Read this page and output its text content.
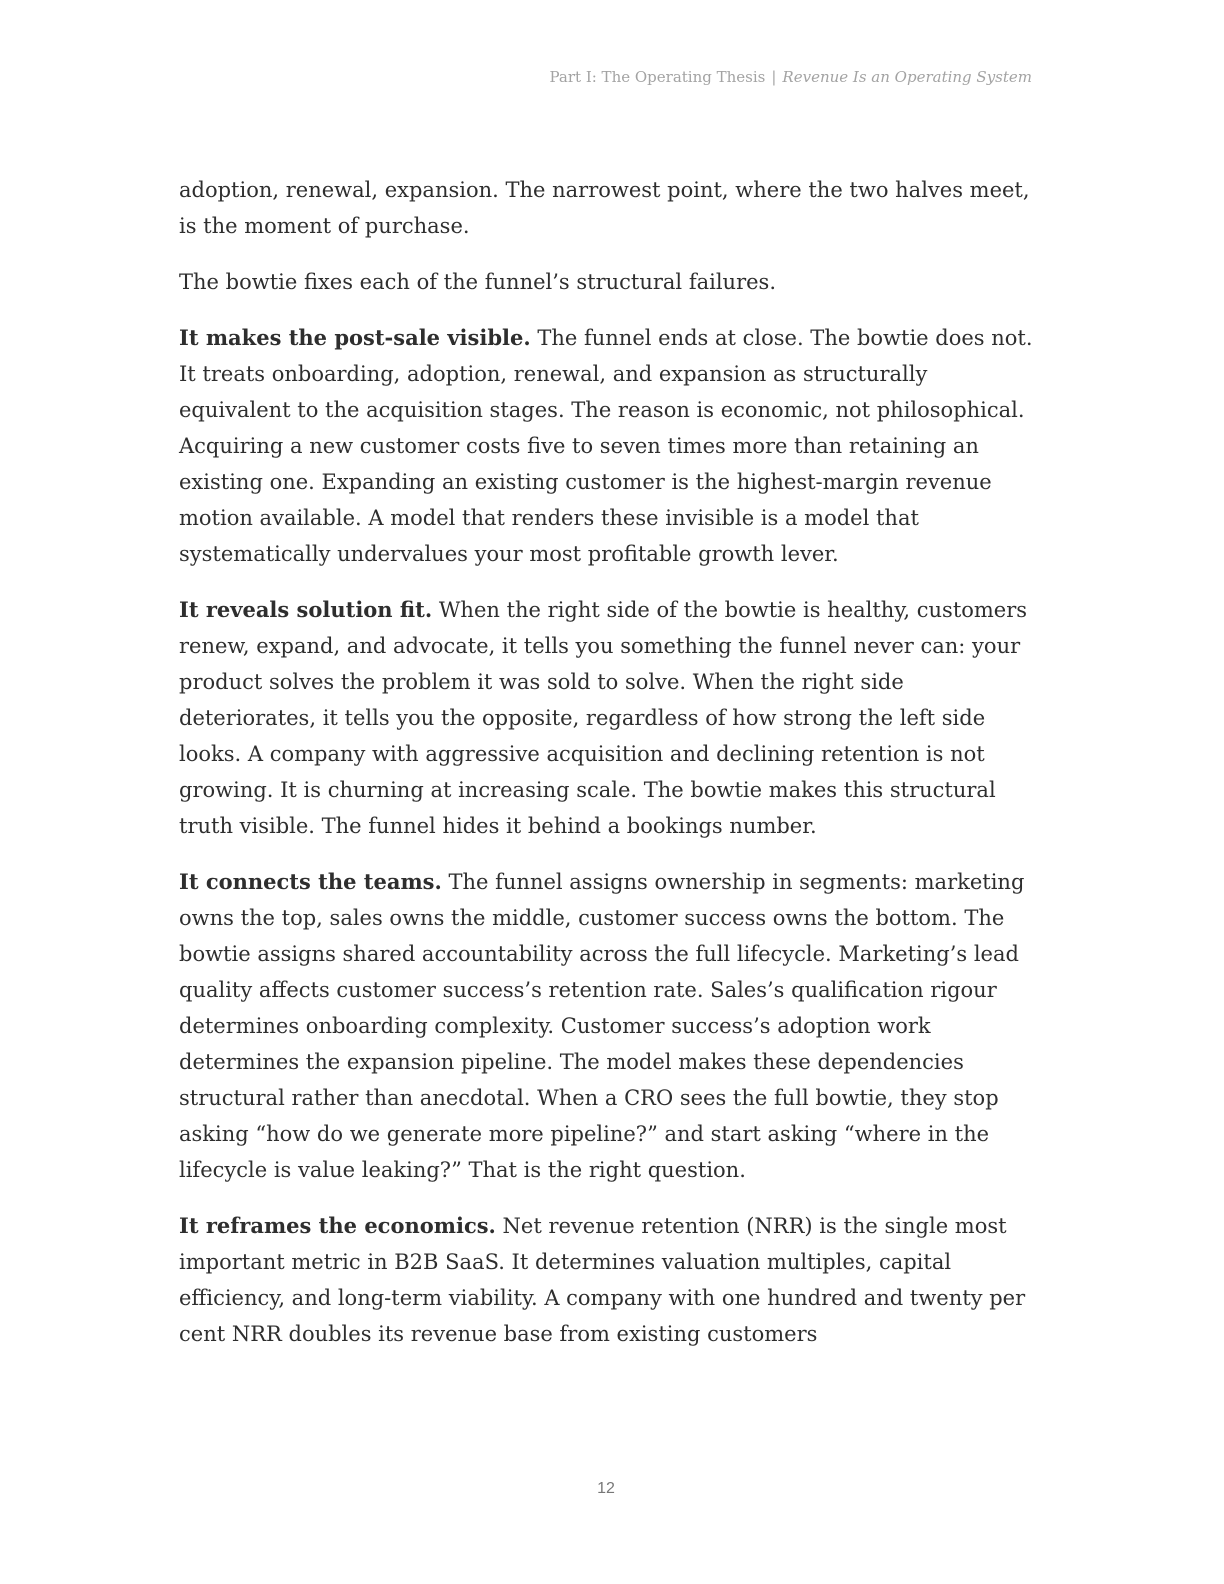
Part I: The Operating Thesis | Revenue Is an Operating System

adoption, renewal, expansion. The narrowest point, where the two halves meet, is the moment of purchase.

The bowtie fixes each of the funnel’s structural failures.

It makes the post-sale visible. The funnel ends at close. The bowtie does not. It treats onboarding, adoption, renewal, and expansion as structurally equivalent to the acquisition stages. The reason is economic, not philosophical. Acquiring a new customer costs five to seven times more than retaining an existing one. Expanding an existing customer is the highest-margin revenue motion available. A model that renders these invisible is a model that systematically undervalues your most profitable growth lever.

It reveals solution fit. When the right side of the bowtie is healthy, customers renew, expand, and advocate, it tells you something the funnel never can: your product solves the problem it was sold to solve. When the right side deteriorates, it tells you the opposite, regardless of how strong the left side looks. A company with aggressive acquisition and declining retention is not growing. It is churning at increasing scale. The bowtie makes this structural truth visible. The funnel hides it behind a bookings number.

It connects the teams. The funnel assigns ownership in segments: marketing owns the top, sales owns the middle, customer success owns the bottom. The bowtie assigns shared accountability across the full lifecycle. Marketing’s lead quality affects customer success’s retention rate. Sales’s qualification rigour determines onboarding complexity. Customer success’s adoption work determines the expansion pipeline. The model makes these dependencies structural rather than anecdotal. When a CRO sees the full bowtie, they stop asking “how do we generate more pipeline?” and start asking “where in the lifecycle is value leaking?” That is the right question.

It reframes the economics. Net revenue retention (NRR) is the single most important metric in B2B SaaS. It determines valuation multiples, capital efficiency, and long-term viability. A company with one hundred and twenty per cent NRR doubles its revenue base from existing customers

12
